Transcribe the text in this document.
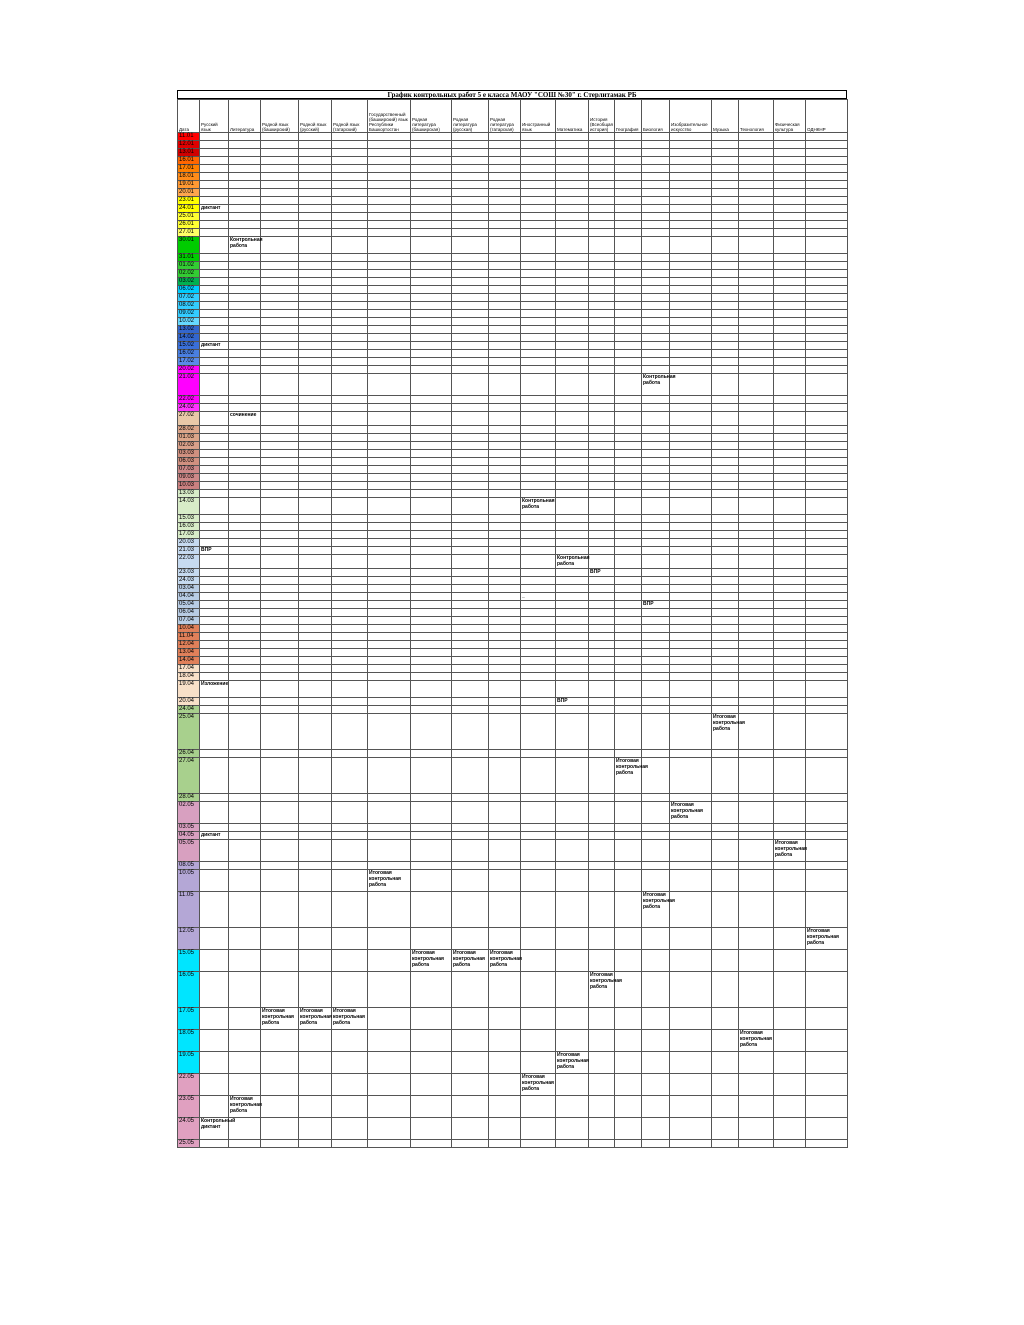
График контрольных работ 5 е класса МАОУ "СОШ №30" г. Стерлитамак РБ
Дата	Русский язык	Литература	Родной язык (башкирский)	Родной язык (русский)	Родной язык (татарский)	Государственный (башкирский) язык Республики Башкортостан	Родная литература (башкирская)	Родная литература (русская)	Родная литература (татарская)	Иностранный язык	Математика	История (Всеобщая история)	География	Биология	Изобразительное искусство	Музыка	Технология	Физическая культура	ОДНКНР
11.01																			
12.01																			
13.01																			
16.01																			
17.01																			
18.01																			
19.01																			
20.01																			
23.01																			
24.01	диктант																		
25.01																			
26.01																			
27.01																			
30.01		Контрольная работа																	
31.01																			
01.02																			
02.02																			
03.02																			
06.02																			
07.02																			
08.02																			
09.02																			
10.02																			
13.02																			
14.02																			
15.02	диктант																		
16.02																			
17.02																			
20.02																			
21.02														Контрольная работа					
22.02																			
24.02																			
27.02		сочинение																	
28.02																			
01.03																			
02.03																			
03.03																			
06.03																			
07.03																			
09.03																			
10.03																			
13.03																			
14.03										Контрольная работа									
15.03																			
16.03																			
17.03																			
20.03																			
21.03	ВПР																		
22.03											Контрольная работа								
23.03												ВПР							
24.03																			
03.04																			
04.04										_									
05.04														ВПР					
06.04																			
07.04																			
10.04																			
11.04																			
12.04																			
13.04																			
14.04																			
17.04																			
18.04																			
19.04	Изложение																		
20.04											ВПР								
24.04																			
25.04																Итоговая контрольная работа			
26.04																			
27.04													Итоговая контрольная работа						
28.04																			
02.05															Итоговая контрольная работа				
03.05																			
04.05	диктант																		
05.05																		Итоговая контрольная работа	
08.05																			
10.05						Итоговая контрольная работа													
11.05														Итоговая контрольная работа					
12.05																			Итоговая контрольная работа
15.05							Итоговая контрольная работа	Итоговая контрольная работа	Итоговая контрольная работа										
16.05												Итоговая контрольная работа							
17.05			Итоговая контрольная работа	Итоговая контрольная работа	Итоговая контрольная работа														
18.05																	Итоговая контрольная работа		
19.05											Итоговая контрольная работа								
22.05										Итоговая контрольная работа									
23.05		Итоговая контрольная работа																	
24.05	Контрольный диктант																		
25.05																			
